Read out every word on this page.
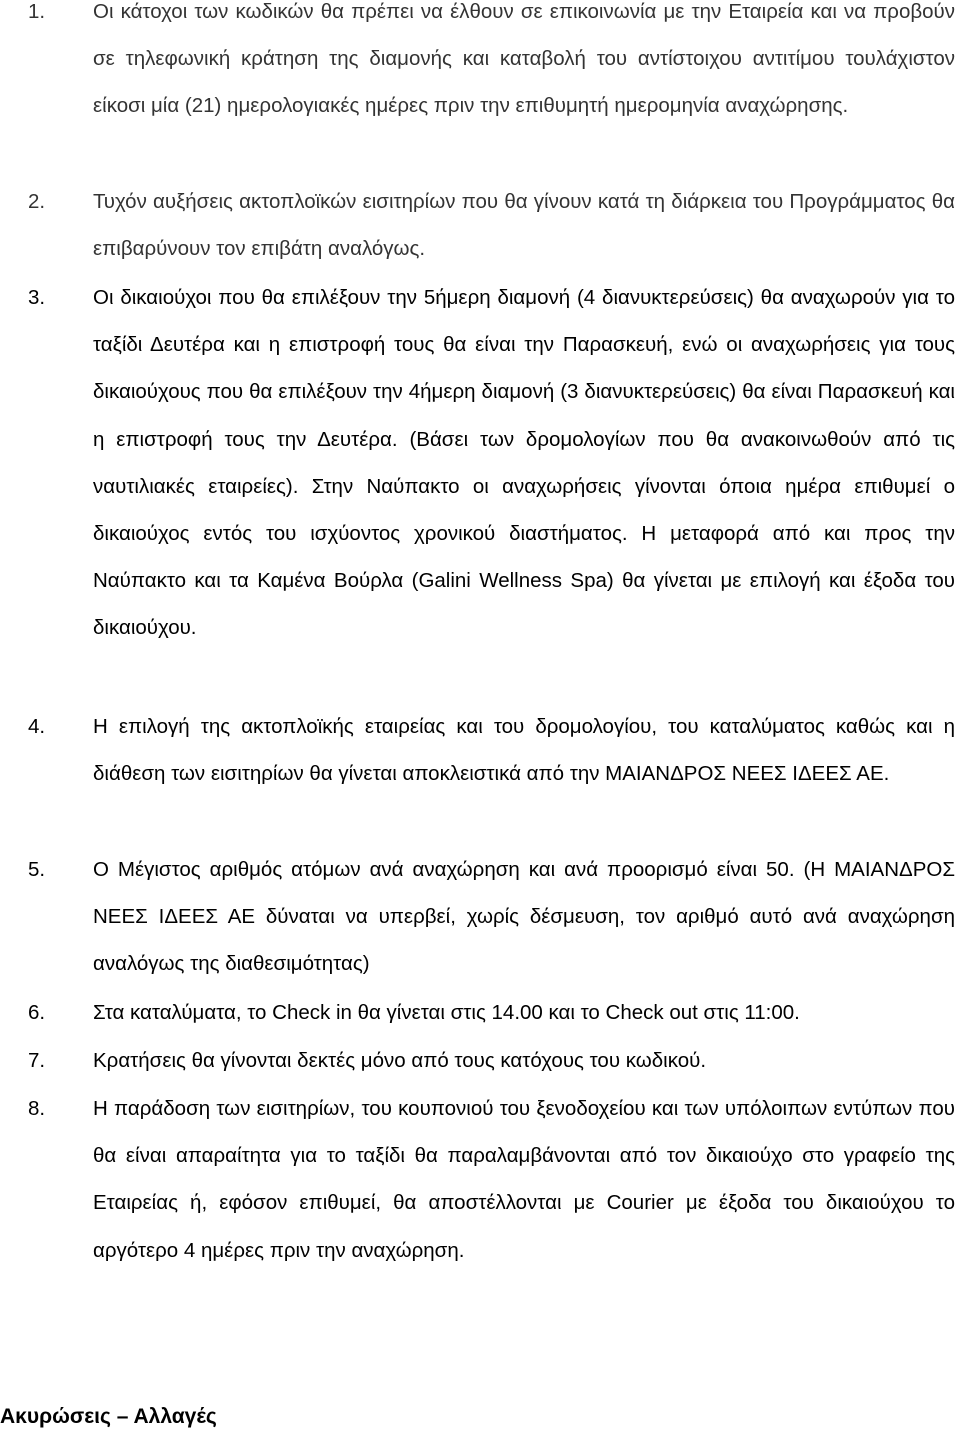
1. Οι κάτοχοι των κωδικών θα πρέπει να έλθουν σε επικοινωνία με την Εταιρεία και να προβούν σε τηλεφωνική κράτηση της διαμονής και καταβολή του αντίστοιχου αντιτίμου τουλάχιστον είκοσι μία (21) ημερολογιακές ημέρες πριν την επιθυμητή ημερομηνία αναχώρησης.
2. Τυχόν αυξήσεις ακτοπλοϊκών εισιτηρίων που θα γίνουν κατά τη διάρκεια του Προγράμματος θα επιβαρύνουν τον επιβάτη αναλόγως.
3. Οι δικαιούχοι που θα επιλέξουν την 5ήμερη διαμονή (4 διανυκτερεύσεις) θα αναχωρούν για το ταξίδι Δευτέρα και η επιστροφή τους θα είναι την Παρασκευή, ενώ οι αναχωρήσεις για τους δικαιούχους που θα επιλέξουν την 4ήμερη διαμονή (3 διανυκτερεύσεις) θα είναι Παρασκευή και η επιστροφή τους την Δευτέρα. (Βάσει των δρομολογίων που θα ανακοινωθούν από τις ναυτιλιακές εταιρείες). Στην Ναύπακτο οι αναχωρήσεις γίνονται όποια ημέρα επιθυμεί ο δικαιούχος εντός του ισχύοντος χρονικού διαστήματος. Η μεταφορά από και προς την Ναύπακτο και τα Καμένα Βούρλα (Galini Wellness Spa) θα γίνεται με επιλογή και έξοδα του δικαιούχου.
4. Η επιλογή της ακτοπλοϊκής εταιρείας και του δρομολογίου, του καταλύματος καθώς και η διάθεση των εισιτηρίων θα γίνεται αποκλειστικά από την ΜΑΙΑΝΔΡΟΣ ΝΕΕΣ ΙΔΕΕΣ ΑΕ.
5. Ο Μέγιστος αριθμός ατόμων ανά αναχώρηση και ανά προορισμό είναι 50. (Η ΜΑΙΑΝΔΡΟΣ ΝΕΕΣ ΙΔΕΕΣ ΑΕ δύναται να υπερβεί, χωρίς δέσμευση, τον αριθμό αυτό ανά αναχώρηση αναλόγως της διαθεσιμότητας)
6. Στα καταλύματα, το Check in θα γίνεται στις 14.00 και το Check out στις 11:00.
7. Κρατήσεις θα γίνονται δεκτές μόνο από τους κατόχους του κωδικού.
8. Η παράδοση των εισιτηρίων, του κουπονιού του ξενοδοχείου και των υπόλοιπων εντύπων που θα είναι απαραίτητα για το ταξίδι θα παραλαμβάνονται από τον δικαιούχο στο γραφείο της Εταιρείας ή, εφόσον επιθυμεί, θα αποστέλλονται με Courier με έξοδα του δικαιούχου το αργότερο 4 ημέρες πριν την αναχώρηση.
Ακυρώσεις – Αλλαγές
